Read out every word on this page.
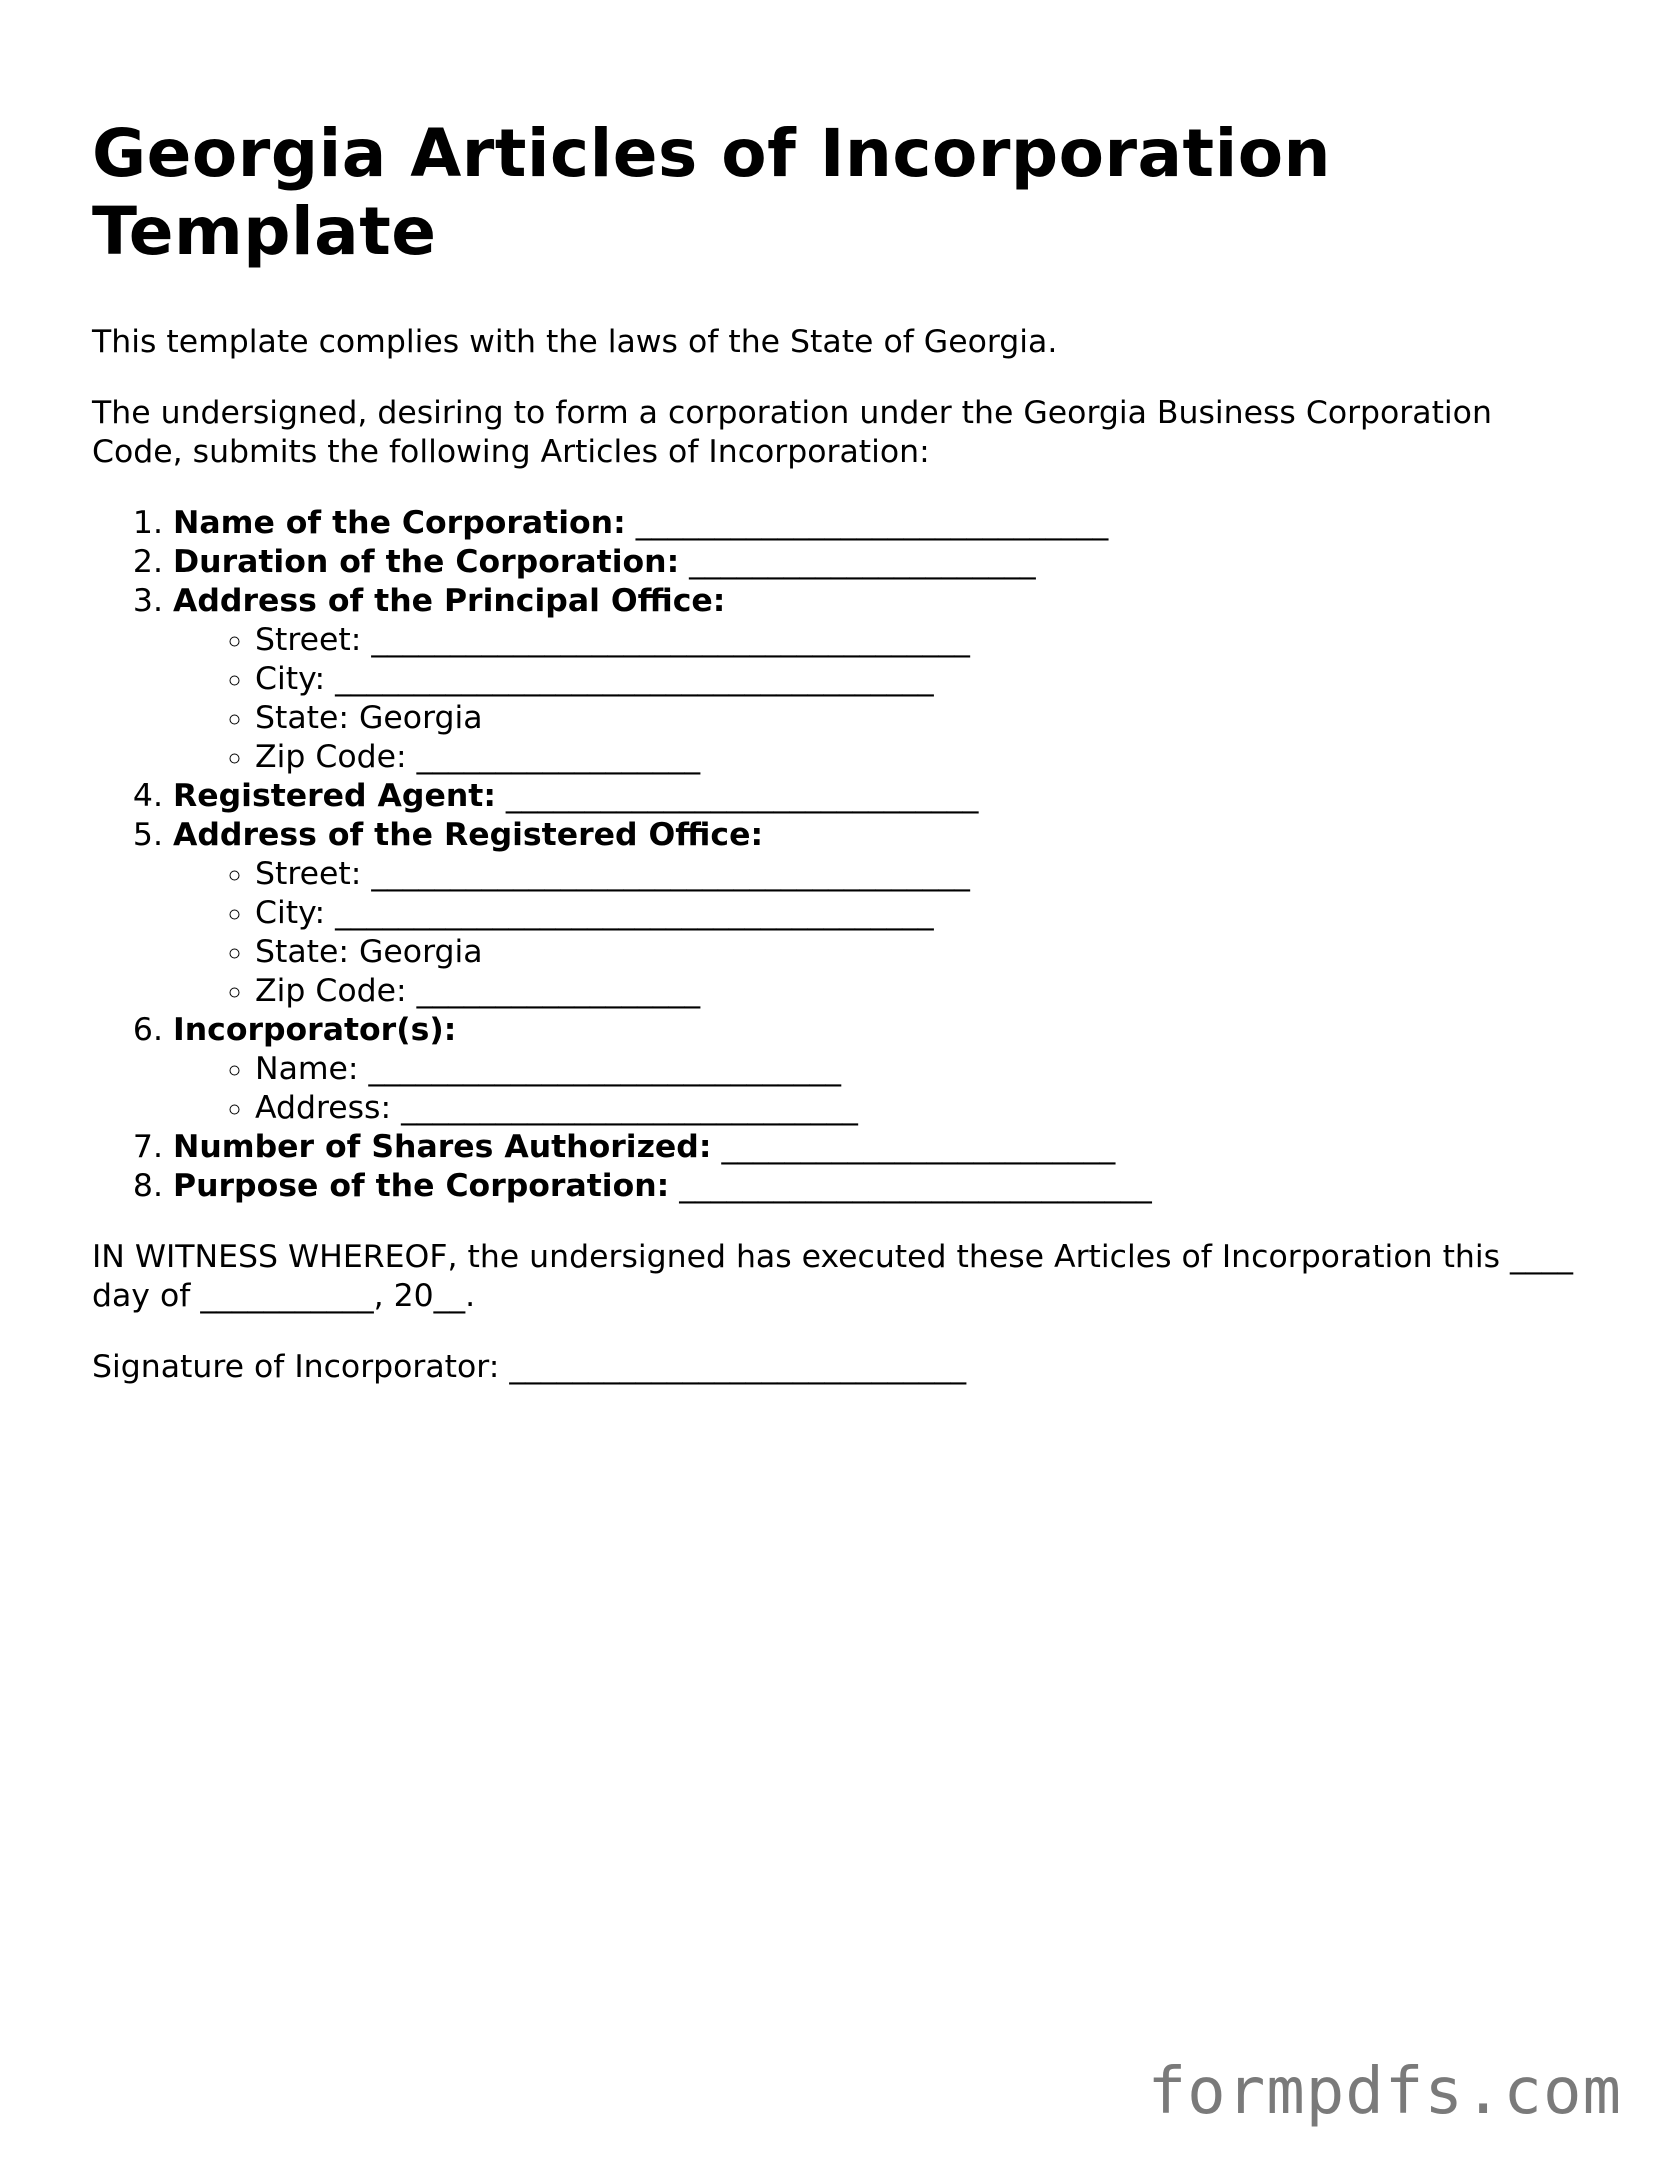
Georgia Articles of Incorporation Template

This template complies with the laws of the State of Georgia.

The undersigned, desiring to form a corporation under the Georgia Business Corporation Code, submits the following Articles of Incorporation:

1. Name of the Corporation: ______________________________
2. Duration of the Corporation: ______________________
3. Address of the Principal Office:
◦ Street: ______________________________________
◦ City: ______________________________________
◦ State: Georgia
◦ Zip Code: __________________
4. Registered Agent: ______________________________
5. Address of the Registered Office:
◦ Street: ______________________________________
◦ City: ______________________________________
◦ State: Georgia
◦ Zip Code: __________________
6. Incorporator(s):
◦ Name: ______________________________
◦ Address: _____________________________
7. Number of Shares Authorized: _________________________
8. Purpose of the Corporation: ______________________________

IN WITNESS WHEREOF, the undersigned has executed these Articles of Incorporation this ____ day of ___________, 20__.

Signature of Incorporator: _____________________________

formpdfs.com
